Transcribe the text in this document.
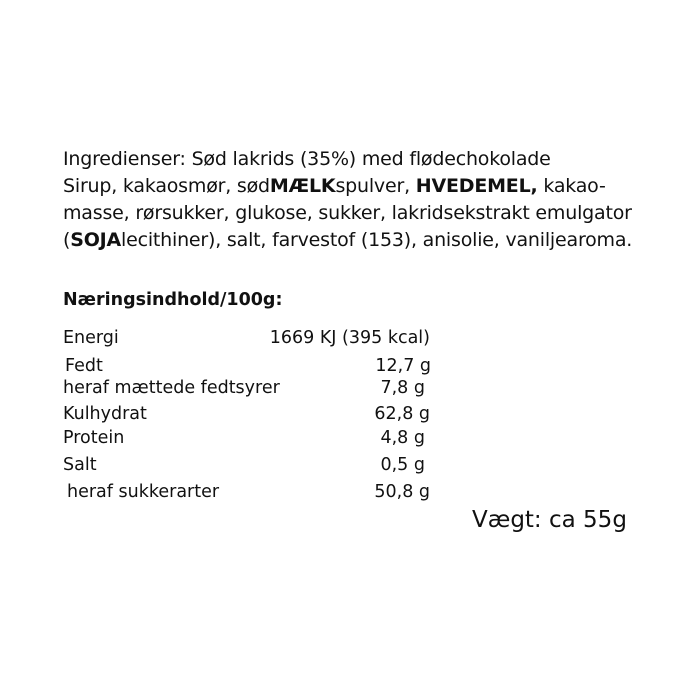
Ingredienser: Sød lakrids (35%) med flødechokolade
Sirup, kakaosmør, sødMÆLKspulver, HVEDEMEL, kakao-
masse, rørsukker, glukose, sukker, lakridsekstrakt emulgator
(SOJAlecithiner), salt, farvestof (153), anisolie, vaniljearoma.
Næringsindhold/100g:
Energi	1669 KJ (395 kcal)
Fedt	12,7 g
heraf mættede fedtsyrer	7,8 g
Kulhydrat	62,8 g
Protein	4,8 g
Salt	0,5 g
heraf sukkerarter	50,8 g
Vægt: ca 55g
